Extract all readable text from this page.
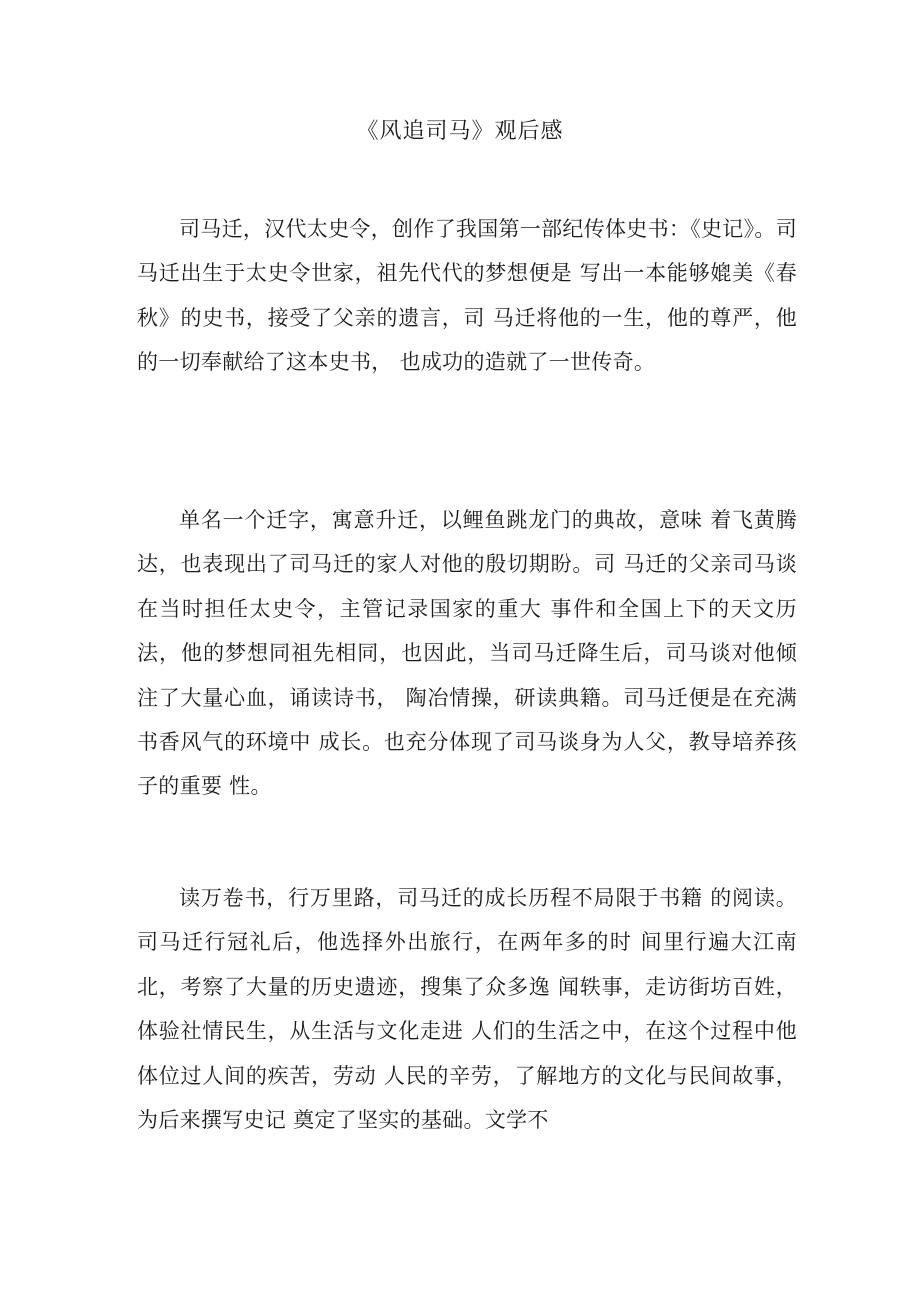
《风追司马》观后感

司马迁，汉代太史令，创作了我国第一部纪传体史书：《史记》。司马迁出生于太史令世家，祖先代代的梦想便是 写出一本能够媲美《春秋》的史书，接受了父亲的遗言，司 马迁将他的一生，他的尊严，他的一切奉献给了这本史书， 也成功的造就了一世传奇。

单名一个迁字，寓意升迁，以鲤鱼跳龙门的典故，意味 着飞黄腾达，也表现出了司马迁的家人对他的殷切期盼。司 马迁的父亲司马谈在当时担任太史令，主管记录国家的重大 事件和全国上下的天文历法，他的梦想同祖先相同，也因此，当司马迁降生后，司马谈对他倾注了大量心血，诵读诗书， 陶冶情操，研读典籍。司马迁便是在充满书香风气的环境中 成长。也充分体现了司马谈身为人父，教导培养孩子的重要 性。

读万卷书，行万里路，司马迁的成长历程不局限于书籍 的阅读。司马迁行冠礼后，他选择外出旅行，在两年多的时 间里行遍大江南北，考察了大量的历史遗迹，搜集了众多逸 闻轶事，走访街坊百姓，体验社情民生，从生活与文化走进 人们的生活之中，在这个过程中他体位过人间的疾苦，劳动 人民的辛劳，了解地方的文化与民间故事，为后来撰写史记 奠定了坚实的基础。文学不
